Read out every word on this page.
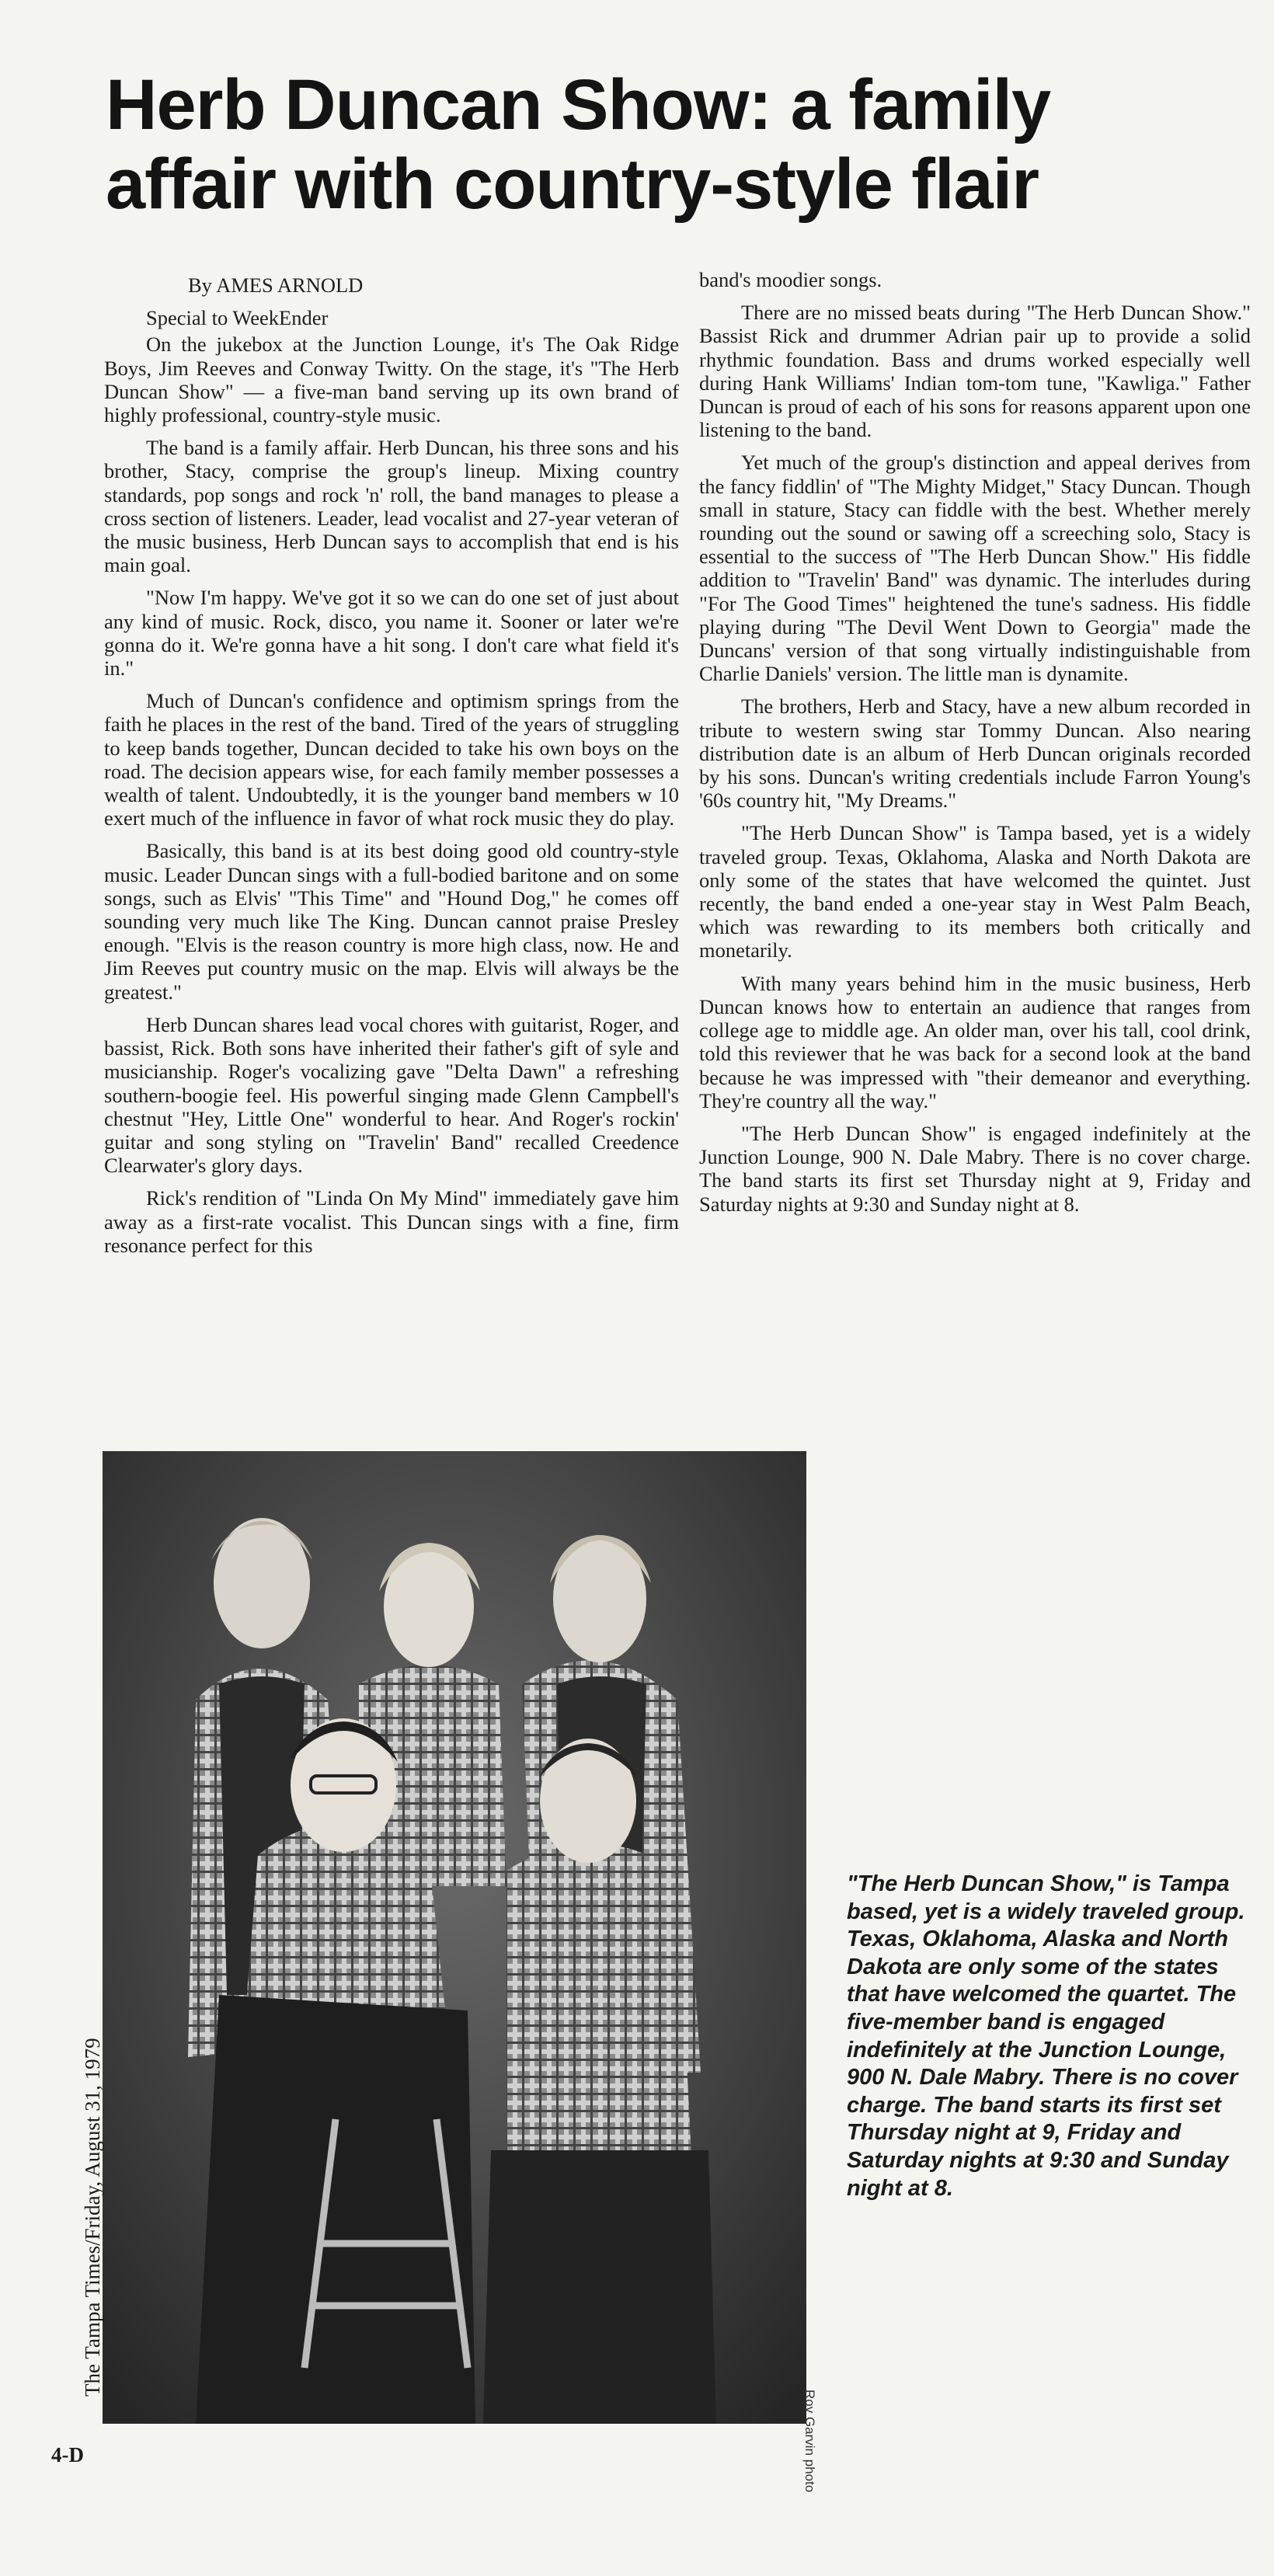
Herb Duncan Show: a family affair with country-style flair

By AMES ARNOLD

Special to WeekEnder

On the jukebox at the Junction Lounge, it's The Oak Ridge Boys, Jim Reeves and Conway Twitty. On the stage, it's "The Herb Duncan Show" — a five-man band serving up its own brand of highly professional, country-style music.

The band is a family affair. Herb Duncan, his three sons and his brother, Stacy, comprise the group's lineup. Mixing country standards, pop songs and rock 'n' roll, the band manages to please a cross section of listeners. Leader, lead vocalist and 27-year veteran of the music business, Herb Duncan says to accomplish that end is his main goal.

"Now I'm happy. We've got it so we can do one set of just about any kind of music. Rock, disco, you name it. Sooner or later we're gonna do it. We're gonna have a hit song. I don't care what field it's in."

Much of Duncan's confidence and optimism springs from the faith he places in the rest of the band. Tired of the years of struggling to keep bands together, Duncan decided to take his own boys on the road. The decision appears wise, for each family member possesses a wealth of talent. Undoubtedly, it is the younger band members w 10 exert much of the influence in favor of what rock music they do play.

Basically, this band is at its best doing good old country-style music. Leader Duncan sings with a full-bodied baritone and on some songs, such as Elvis' "This Time" and "Hound Dog," he comes off sounding very much like The King. Duncan cannot praise Presley enough. "Elvis is the reason country is more high class, now. He and Jim Reeves put country music on the map. Elvis will always be the greatest."

Herb Duncan shares lead vocal chores with guitarist, Roger, and bassist, Rick. Both sons have inherited their father's gift of syle and musicianship. Roger's vocalizing gave "Delta Dawn" a refreshing southern-boogie feel. His powerful singing made Glenn Campbell's chestnut "Hey, Little One" wonderful to hear. And Roger's rockin' guitar and song styling on "Travelin' Band" recalled Creedence Clearwater's glory days.

Rick's rendition of "Linda On My Mind" immediately gave him away as a first-rate vocalist. This Duncan sings with a fine, firm resonance perfect for this

band's moodier songs.

There are no missed beats during "The Herb Duncan Show." Bassist Rick and drummer Adrian pair up to provide a solid rhythmic foundation. Bass and drums worked especially well during Hank Williams' Indian tom-tom tune, "Kawliga." Father Duncan is proud of each of his sons for reasons apparent upon one listening to the band.

Yet much of the group's distinction and appeal derives from the fancy fiddlin' of "The Mighty Midget," Stacy Duncan. Though small in stature, Stacy can fiddle with the best. Whether merely rounding out the sound or sawing off a screeching solo, Stacy is essential to the success of "The Herb Duncan Show." His fiddle addition to "Travelin' Band" was dynamic. The interludes during "For The Good Times" heightened the tune's sadness. His fiddle playing during "The Devil Went Down to Georgia" made the Duncans' version of that song virtually indistinguishable from Charlie Daniels' version. The little man is dynamite.

The brothers, Herb and Stacy, have a new album recorded in tribute to western swing star Tommy Duncan. Also nearing distribution date is an album of Herb Duncan originals recorded by his sons. Duncan's writing credentials include Farron Young's '60s country hit, "My Dreams."

"The Herb Duncan Show" is Tampa based, yet is a widely traveled group. Texas, Oklahoma, Alaska and North Dakota are only some of the states that have welcomed the quintet. Just recently, the band ended a one-year stay in West Palm Beach, which was rewarding to its members both critically and monetarily.

With many years behind him in the music business, Herb Duncan knows how to entertain an audience that ranges from college age to middle age. An older man, over his tall, cool drink, told this reviewer that he was back for a second look at the band because he was impressed with "their demeanor and everything. They're country all the way."

"The Herb Duncan Show" is engaged indefinitely at the Junction Lounge, 900 N. Dale Mabry. There is no cover charge. The band starts its first set Thursday night at 9, Friday and Saturday nights at 9:30 and Sunday night at 8.

"The Herb Duncan Show," is Tampa based, yet is a widely traveled group. Texas, Oklahoma, Alaska and North Dakota are only some of the states that have welcomed the quartet. The five-member band is engaged indefinitely at the Junction Lounge, 900 N. Dale Mabry. There is no cover charge. The band starts its first set Thursday night at 9, Friday and Saturday nights at 9:30 and Sunday night at 8.
The Tampa Times/Friday, August 31, 1979
Roy Garvin photo
4-D
